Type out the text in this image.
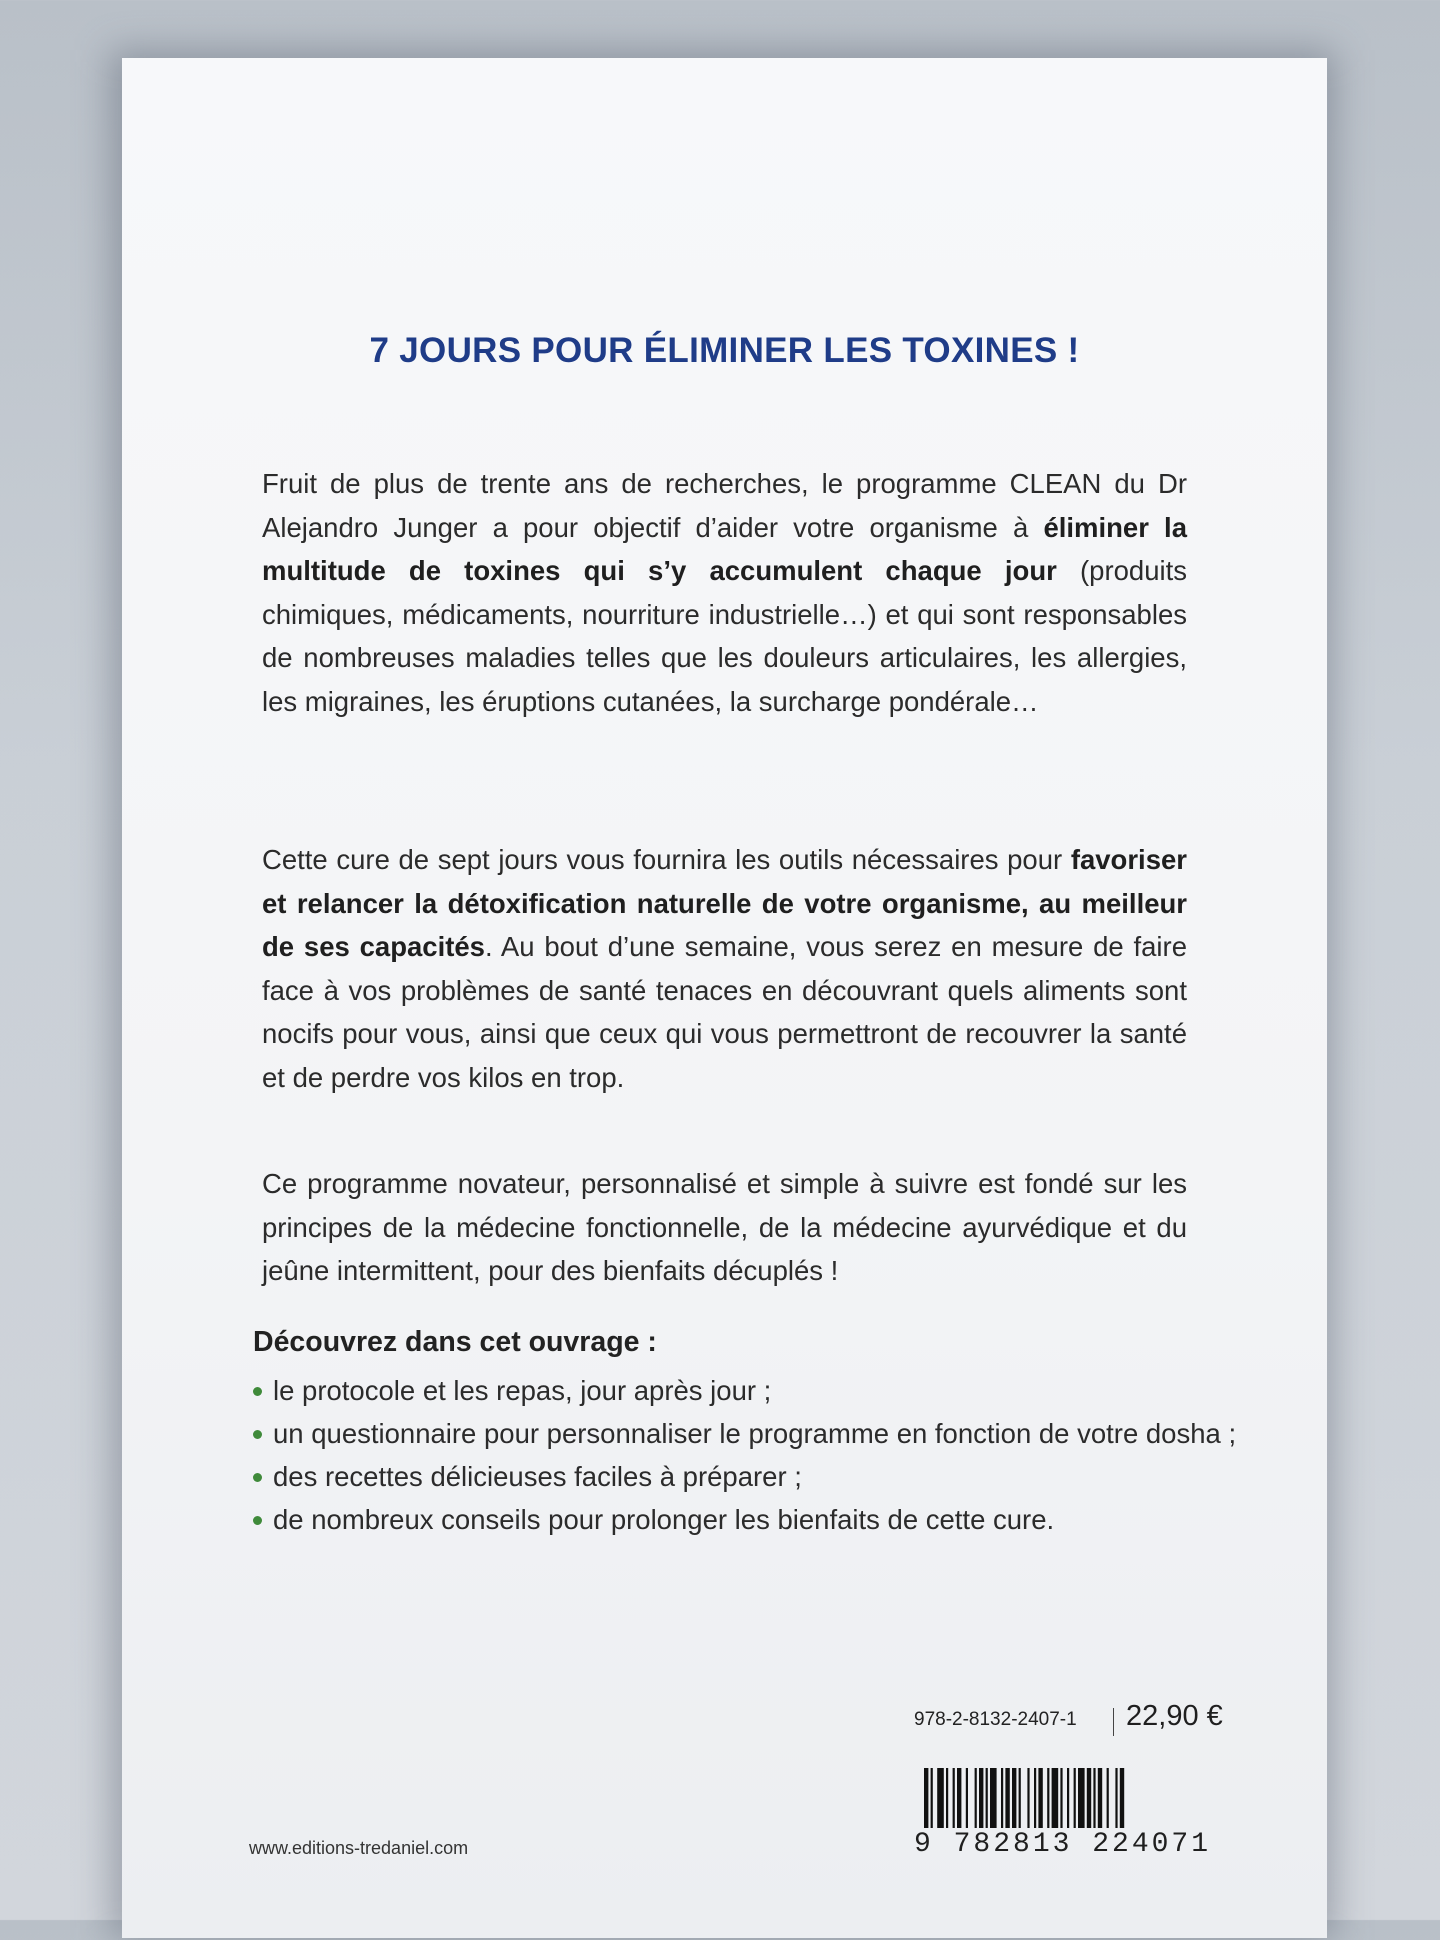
7 JOURS POUR ÉLIMINER LES TOXINES !
Fruit de plus de trente ans de recherches, le programme CLEAN du Dr Alejandro Junger a pour objectif d’aider votre organisme à éliminer la multitude de toxines qui s’y accumulent chaque jour (produits chimiques, médicaments, nourriture industrielle…) et qui sont responsables de nombreuses maladies telles que les douleurs articulaires, les allergies, les migraines, les éruptions cutanées, la surcharge pondérale…
Cette cure de sept jours vous fournira les outils nécessaires pour favoriser et relancer la détoxification naturelle de votre organisme, au meilleur de ses capacités. Au bout d’une semaine, vous serez en mesure de faire face à vos problèmes de santé tenaces en découvrant quels aliments sont nocifs pour vous, ainsi que ceux qui vous permettront de recouvrer la santé et de perdre vos kilos en trop.
Ce programme novateur, personnalisé et simple à suivre est fondé sur les principes de la médecine fonctionnelle, de la médecine ayurvédique et du jeûne intermittent, pour des bienfaits décuplés !
Découvrez dans cet ouvrage :
le protocole et les repas, jour après jour ;
un questionnaire pour personnaliser le programme en fonction de votre dosha ;
des recettes délicieuses faciles à préparer ;
de nombreux conseils pour prolonger les bienfaits de cette cure.
978-2-8132-2407-1 22,90 €
9 782813 224071
www.editions-tredaniel.com
